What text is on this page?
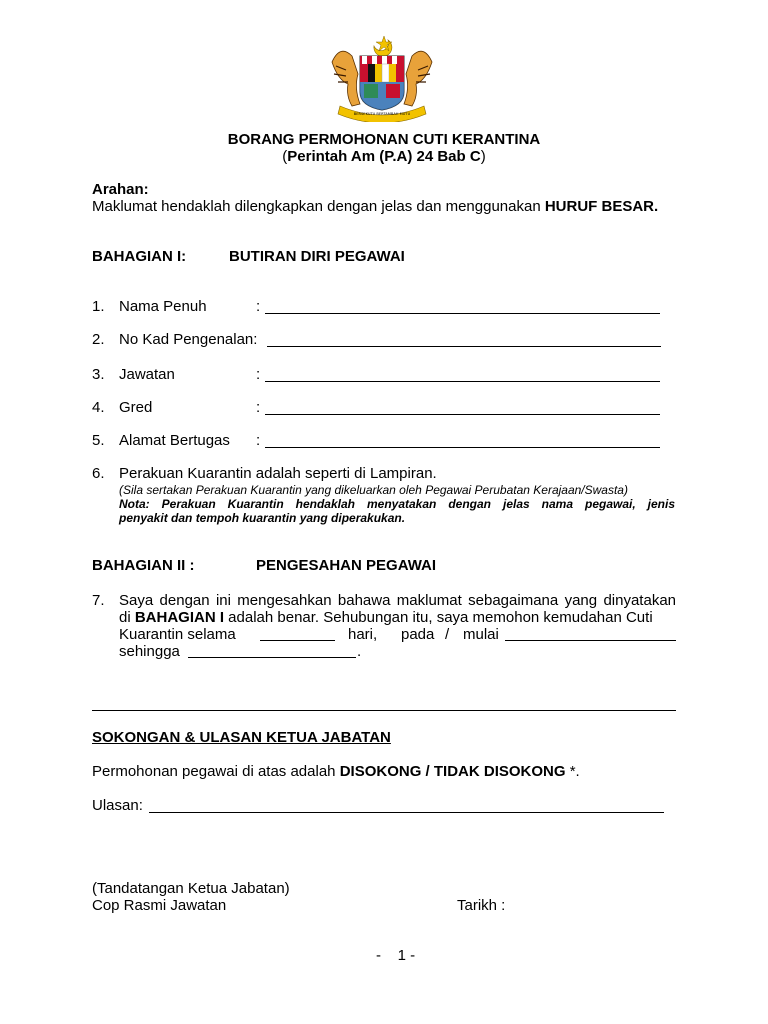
BERSEKUTU BERTAMBAH MUTU
BORANG PERMOHONAN CUTI KERANTINA
(Perintah Am (P.A) 24 Bab C)
Arahan:
Maklumat hendaklah dilengkapkan dengan jelas dan menggunakan HURUF BESAR.
BAHAGIAN I:	BUTIRAN DIRI PEGAWAI
1. Nama Penuh	:
2. No Kad Pengenalan:
3. Jawatan	:
4. Gred	:
5. Alamat Bertugas :
6. Perakuan Kuarantin adalah seperti di Lampiran.
(Sila sertakan Perakuan Kuarantin yang dikeluarkan oleh Pegawai Perubatan Kerajaan/Swasta)
Nota: Perakuan Kuarantin hendaklah menyatakan dengan jelas nama pegawai, jenis
penyakit dan tempoh kuarantin yang diperakukan.
BAHAGIAN II :	PENGESAHAN PEGAWAI
7. Saya dengan ini mengesahkan bahawa maklumat sebagaimana yang dinyatakan
di BAHAGIAN I adalah benar. Sehubungan itu, saya memohon kemudahan Cuti
Kuarantin selama	hari, pada / mulai
sehingga	.
SOKONGAN & ULASAN KETUA JABATAN
Permohonan pegawai di atas adalah DISOKONG / TIDAK DISOKONG *.
Ulasan:
(Tandatangan Ketua Jabatan)
Cop Rasmi Jawatan	Tarikh :
-    1 -
